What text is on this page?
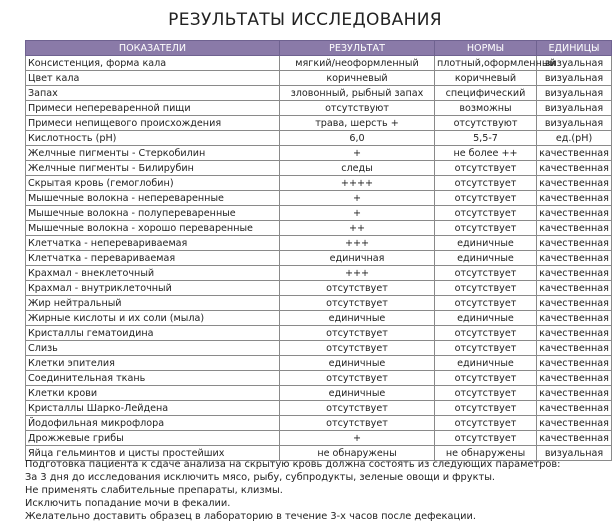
РЕЗУЛЬТАТЫ ИССЛЕДОВАНИЯ
ПОКАЗАТЕЛИ	РЕЗУЛЬТАТ	НОРМЫ	ЕДИНИЦЫ
Консистенция, форма кала	мягкий/неоформленный	плотный,оформленный	визуальная
Цвет кала	коричневый	коричневый	визуальная
Запах	зловонный, рыбный запах	специфический	визуальная
Примеси непереваренной пищи	отсутствуют	возможны	визуальная
Примеси непищевого происхождения	трава, шерсть +	отсутствуют	визуальная
Кислотность (pH)	6,0	5,5-7	ед.(pH)
Желчные пигменты - Стеркобилин	+	не более ++	качественная
Желчные пигменты - Билирубин	следы	отсутствует	качественная
Скрытая кровь (гемоглобин)	++++	отсутствует	качественная
Мышечные волокна - непереваренные	+	отсутствует	качественная
Мышечные волокна - полупереваренные	+	отсутствует	качественная
Мышечные волокна - хорошо переваренные	++	отсутствует	качественная
Клетчатка - неперевариваемая	+++	единичные	качественная
Клетчатка - перевариваемая	единичная	единичные	качественная
Крахмал - внеклеточный	+++	отсутствует	качественная
Крахмал - внутриклеточный	отсутствует	отсутствует	качественная
Жир нейтральный	отсутствует	отсутствует	качественная
Жирные кислоты и их соли (мыла)	единичные	единичные	качественная
Кристаллы гематоидина	отсутствует	отсутствует	качественная
Слизь	отсутствует	отсутствует	качественная
Клетки эпителия	единичные	единичные	качественная
Соединительная ткань	отсутствует	отсутствует	качественная
Клетки крови	единичные	отсутствует	качественная
Кристаллы Шарко-Лейдена	отсутствует	отсутствует	качественная
Йодофильная микрофлора	отсутствует	отсутствует	качественная
Дрожжевые грибы	+	отсутствует	качественная
Яйца гельминтов и цисты простейших	не обнаружены	не обнаружены	визуальная
Подготовка пациента к сдаче анализа на скрытую кровь должна состоять из следующих параметров:
За 3 дня до исследования исключить мясо, рыбу, субпродукты, зеленые овощи и фрукты.
Не применять слабительные препараты, клизмы.
Исключить попадание мочи в фекалии.
Желательно доставить образец в лабораторию в течение 3-х часов после дефекации.
